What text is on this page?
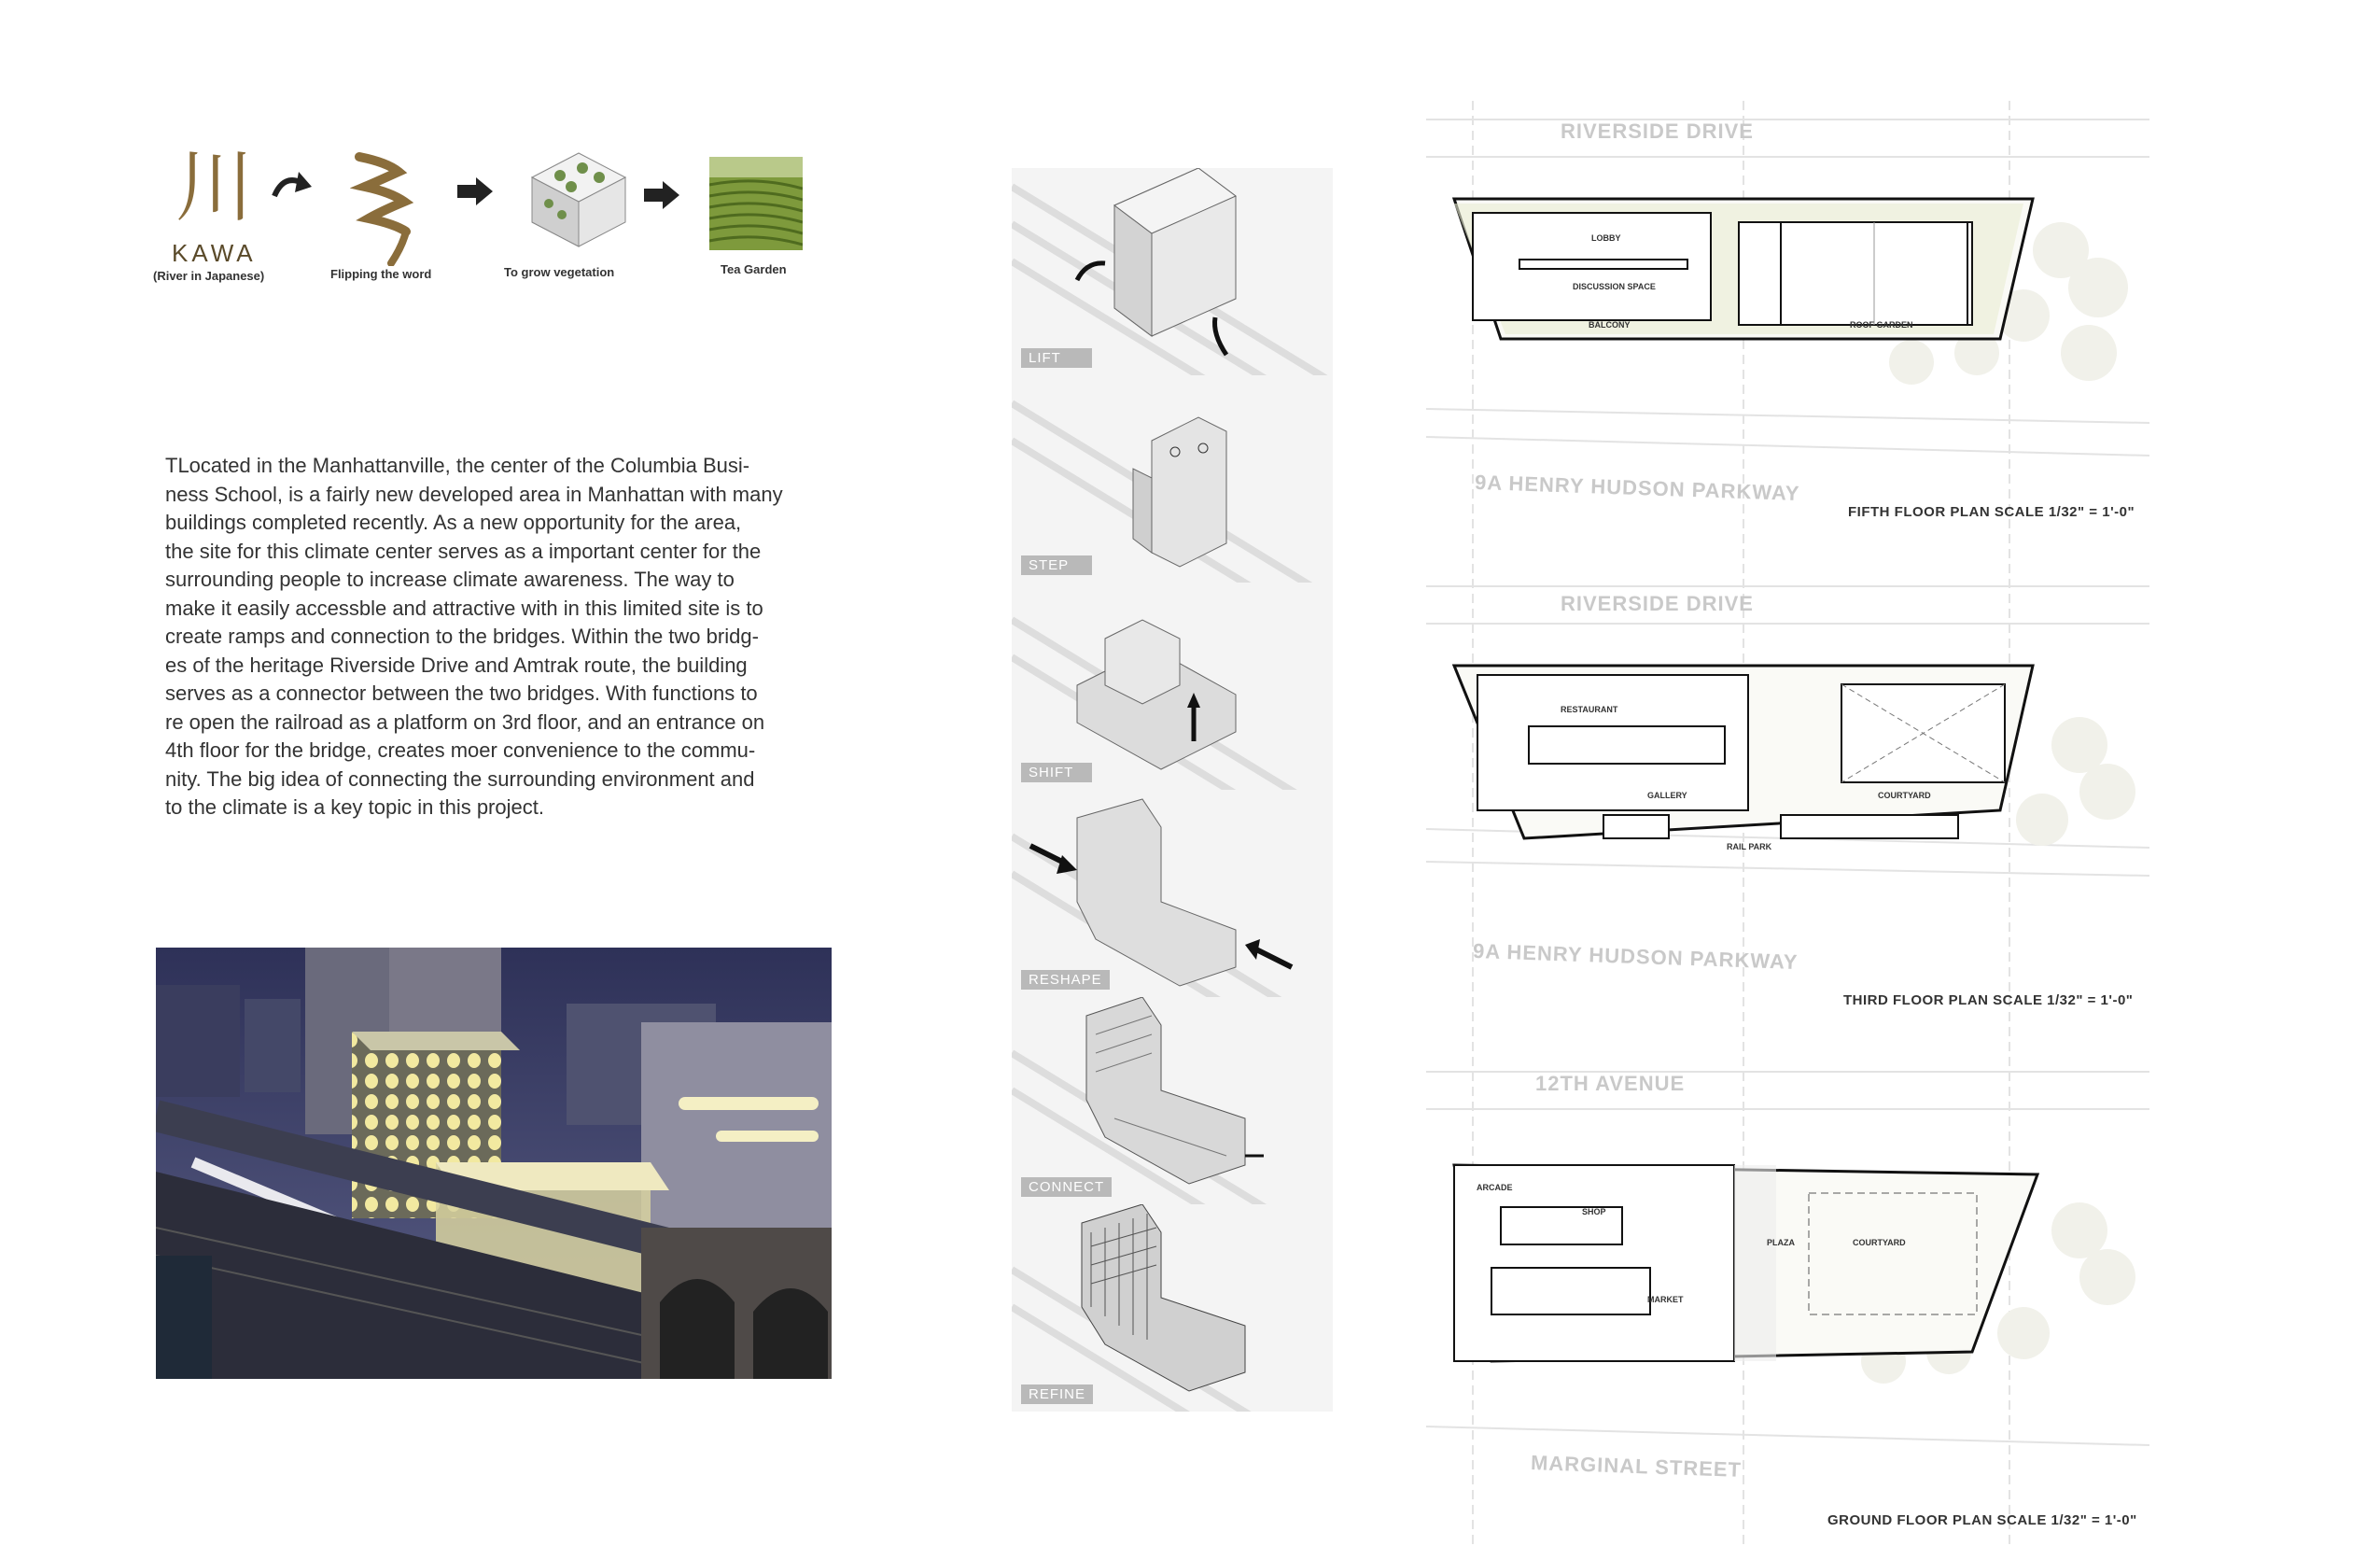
川
KAWA
(River in Japanese)	Flipping the word	To grow vegetation	Tea Garden
TLocated in the Manhattanville, the center of the Columbia Busi-
ness School, is a fairly new developed area in Manhattan with many
buildings completed recently. As a new opportunity for the area,
the site for this climate center serves as a important center for the
surrounding people to increase climate awareness. The way to
make it easily accessble and attractive with in this limited site is to
create ramps and connection to the bridges. Within the two bridg-
es of the heritage Riverside Drive and Amtrak route, the building
serves as a connector between the two bridges. With functions to
re open the railroad as a platform on 3rd floor, and an entrance on
4th floor for the bridge, creates moer convenience to the commu-
nity. The big idea of connecting the surrounding environment and
to the climate is a key topic in this project.
LIFT
STEP
SHIFT
RESHAPE
CONNECT
REFINE
RIVERSIDE DRIVE
9A HENRY HUDSON PARKWAY
RIVERSIDE DRIVE
9A HENRY HUDSON PARKWAY
12TH AVENUE
MARGINAL STREET
LOBBY
DISCUSSION SPACE
BALCONY	ROOF GARDEN
FIFTH FLOOR PLAN SCALE 1/32" = 1'-0"
RESTAURANT
GALLERY	COURTYARD
RAIL PARK
THIRD FLOOR PLAN SCALE 1/32" = 1'-0"
ARCADE
SHOP
PLAZA	COURTYARD
MARKET
GROUND FLOOR PLAN SCALE 1/32" = 1'-0"
